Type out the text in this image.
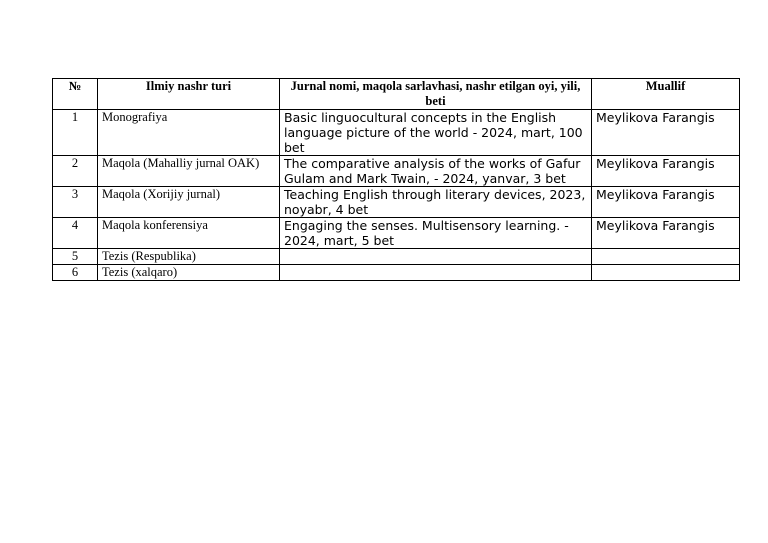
№	Ilmiy nashr turi	Jurnal nomi, maqola sarlavhasi, nashr etilgan oyi, yili, beti	Muallif
1	Monografiya	Basic linguocultural concepts in the English language picture of the world - 2024, mart, 100 bet	Meylikova Farangis
2	Maqola (Mahalliy jurnal OAK)	The comparative analysis of the works of Gafur Gulam and Mark Twain, - 2024, yanvar, 3 bet	Meylikova Farangis
3	Maqola (Xorijiy jurnal)	Teaching English through literary devices, 2023, noyabr, 4 bet	Meylikova Farangis
4	Maqola konferensiya	Engaging the senses. Multisensory learning. - 2024, mart, 5 bet	Meylikova Farangis
5	Tezis (Respublika)		
6	Tezis (xalqaro)		
